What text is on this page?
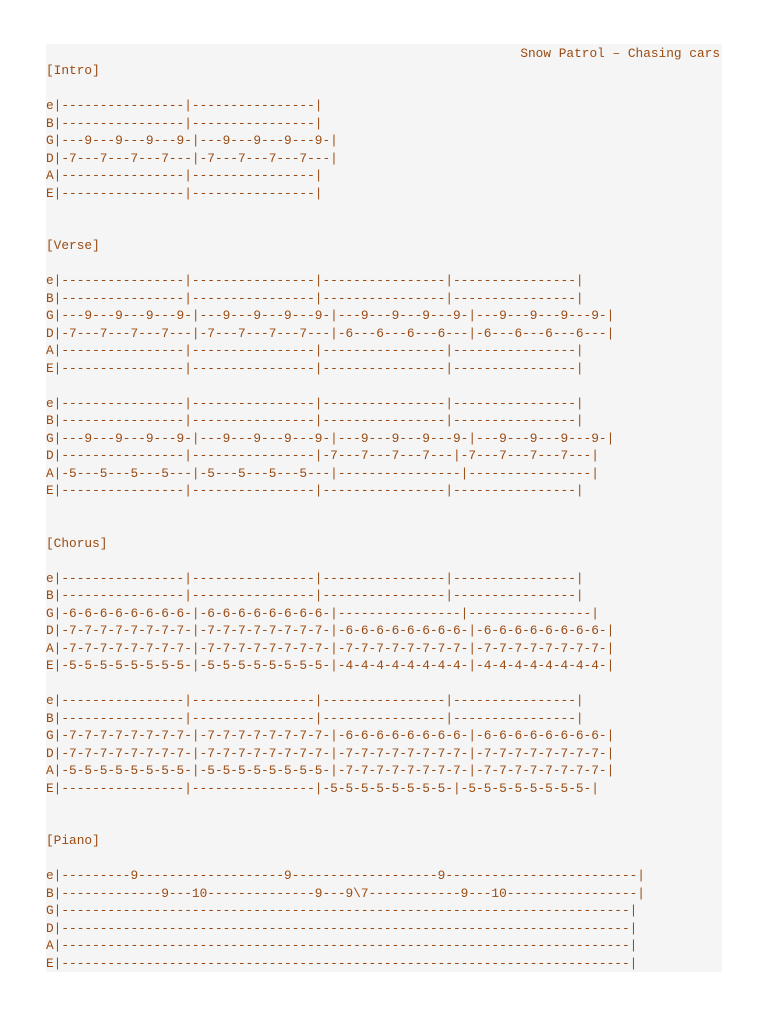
Snow Patrol – Chasing cars
[Intro]

e|----------------|----------------|
B|----------------|----------------|
G|---9---9---9---9-|---9---9---9---9-|
D|-7---7---7---7---|-7---7---7---7---|
A|----------------|----------------|
E|----------------|----------------|

[Verse]

e|----------------|----------------|----------------|----------------|
B|----------------|----------------|----------------|----------------|
G|---9---9---9---9-|---9---9---9---9-|---9---9---9---9-|---9---9---9---9-|
D|-7---7---7---7---|-7---7---7---7---|-6---6---6---6---|-6---6---6---6---|
A|----------------|----------------|----------------|----------------|
E|----------------|----------------|----------------|----------------|

e|----------------|----------------|----------------|----------------|
B|----------------|----------------|----------------|----------------|
G|---9---9---9---9-|---9---9---9---9-|---9---9---9---9-|---9---9---9---9-|
D|----------------|----------------|-7---7---7---7---|-7---7---7---7---|
A|-5---5---5---5---|-5---5---5---5---|----------------|----------------|
E|----------------|----------------|----------------|----------------|

[Chorus]

e|----------------|----------------|----------------|----------------|
B|----------------|----------------|----------------|----------------|
G|-6-6-6-6-6-6-6-6-|-6-6-6-6-6-6-6-6-|----------------|----------------|
D|-7-7-7-7-7-7-7-7-|-7-7-7-7-7-7-7-7-|-6-6-6-6-6-6-6-6-|-6-6-6-6-6-6-6-6-|
A|-7-7-7-7-7-7-7-7-|-7-7-7-7-7-7-7-7-|-7-7-7-7-7-7-7-7-|-7-7-7-7-7-7-7-7-|
E|-5-5-5-5-5-5-5-5-|-5-5-5-5-5-5-5-5-|-4-4-4-4-4-4-4-4-|-4-4-4-4-4-4-4-4-|

e|----------------|----------------|----------------|----------------|
B|----------------|----------------|----------------|----------------|
G|-7-7-7-7-7-7-7-7-|-7-7-7-7-7-7-7-7-|-6-6-6-6-6-6-6-6-|-6-6-6-6-6-6-6-6-|
D|-7-7-7-7-7-7-7-7-|-7-7-7-7-7-7-7-7-|-7-7-7-7-7-7-7-7-|-7-7-7-7-7-7-7-7-|
A|-5-5-5-5-5-5-5-5-|-5-5-5-5-5-5-5-5-|-7-7-7-7-7-7-7-7-|-7-7-7-7-7-7-7-7-|
E|----------------|----------------|-5-5-5-5-5-5-5-5-|-5-5-5-5-5-5-5-5-|

[Piano]

e|---------9-------------------9-------------------9-------------------------|
B|-------------9---10--------------9---9\7------------9---10-----------------|
G|--------------------------------------------------------------------------|
D|--------------------------------------------------------------------------|
A|--------------------------------------------------------------------------|
E|--------------------------------------------------------------------------|
